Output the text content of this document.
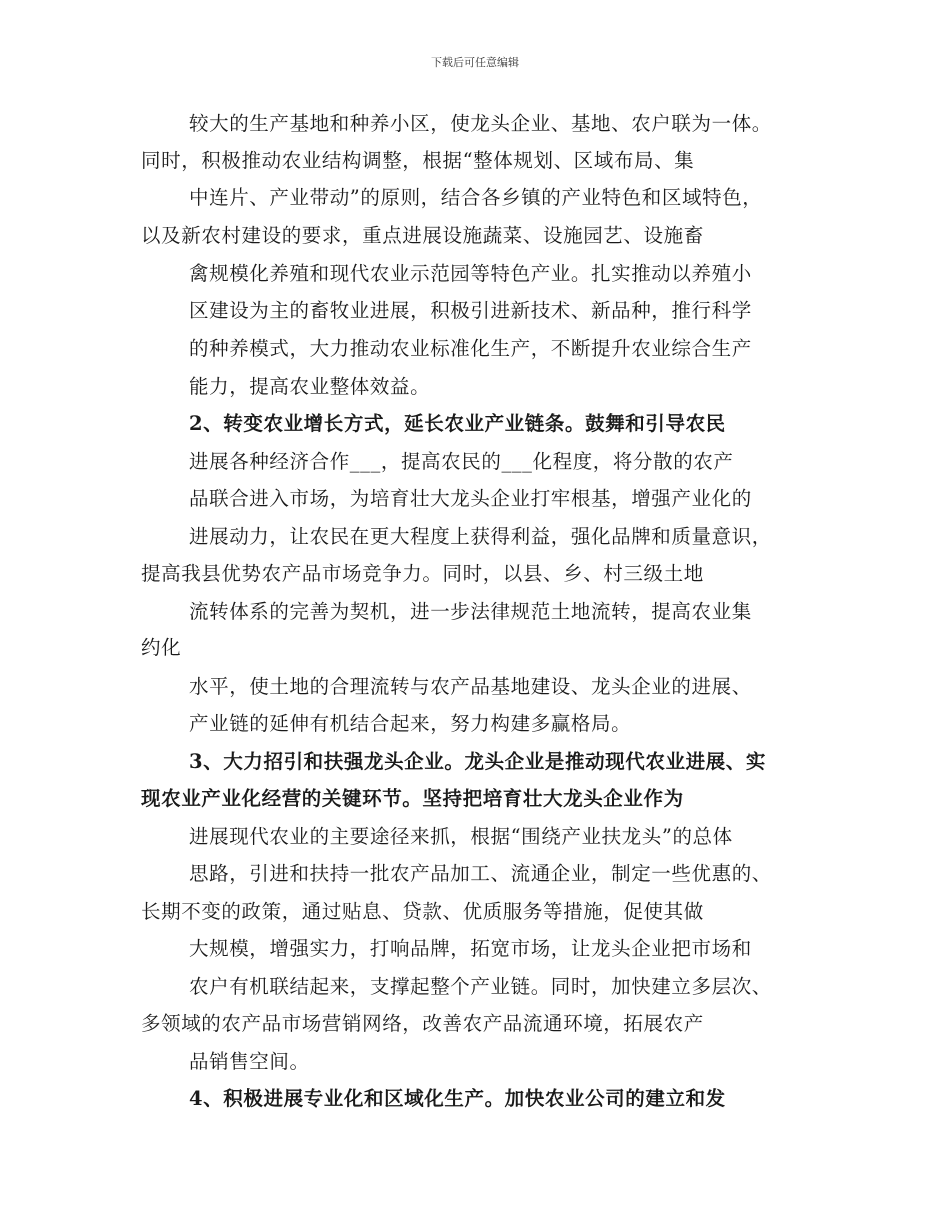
下载后可任意编辑
较大的生产基地和种养小区，使龙头企业、基地、农户联为一体。
同时，积极推动农业结构调整，根据“整体规划、区域布局、集
中连片、产业带动”的原则，结合各乡镇的产业特色和区域特色，
以及新农村建设的要求，重点进展设施蔬菜、设施园艺、设施畜
禽规模化养殖和现代农业示范园等特色产业。扎实推动以养殖小
区建设为主的畜牧业进展，积极引进新技术、新品种，推行科学
的种养模式，大力推动农业标准化生产，不断提升农业综合生产
能力，提高农业整体效益。
2、转变农业增长方式，延长农业产业链条。鼓舞和引导农民
进展各种经济合作___，提高农民的___化程度，将分散的农产
品联合进入市场，为培育壮大龙头企业打牢根基，增强产业化的
进展动力，让农民在更大程度上获得利益，强化品牌和质量意识，
提高我县优势农产品市场竞争力。同时，以县、乡、村三级土地
流转体系的完善为契机，进一步法律规范土地流转，提高农业集
约化
水平，使土地的合理流转与农产品基地建设、龙头企业的进展、
产业链的延伸有机结合起来，努力构建多赢格局。
3、大力招引和扶强龙头企业。龙头企业是推动现代农业进展、实
现农业产业化经营的关键环节。坚持把培育壮大龙头企业作为
进展现代农业的主要途径来抓，根据“围绕产业扶龙头”的总体
思路，引进和扶持一批农产品加工、流通企业，制定一些优惠的、
长期不变的政策，通过贴息、贷款、优质服务等措施，促使其做
大规模，增强实力，打响品牌，拓宽市场，让龙头企业把市场和
农户有机联结起来，支撑起整个产业链。同时，加快建立多层次、
多领域的农产品市场营销网络，改善农产品流通环境，拓展农产
品销售空间。
4、积极进展专业化和区域化生产。加快农业公司的建立和发
